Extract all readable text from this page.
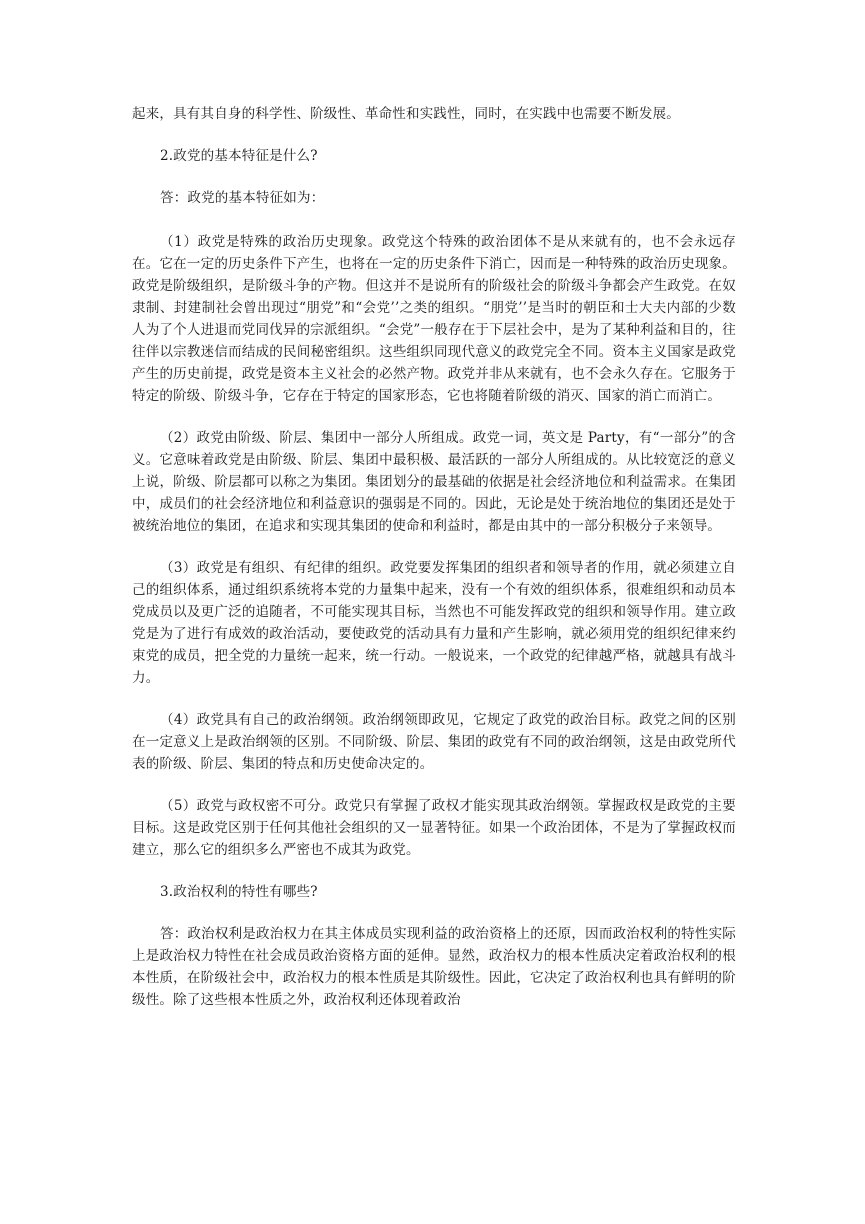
起来，具有其自身的科学性、阶级性、革命性和实践性，同时，在实践中也需要不断发展。

2.政党的基本特征是什么?

答：政党的基本特征如为：

（1）政党是特殊的政治历史现象。政党这个特殊的政治团体不是从来就有的，也不会永远存在。它在一定的历史条件下产生，也将在一定的历史条件下消亡，因而是一种特殊的政治历史现象。政党是阶级组织，是阶级斗争的产物。但这并不是说所有的阶级社会的阶级斗争都会产生政党。在奴隶制、封建制社会曾出现过“朋党”和“会党’’之类的组织。“朋党’’是当时的朝臣和士大夫内部的少数人为了个人进退而党同伐异的宗派组织。“会党”一般存在于下层社会中，是为了某种利益和目的，往往伴以宗教迷信而结成的民间秘密组织。这些组织同现代意义的政党完全不同。资本主义国家是政党产生的历史前提，政党是资本主义社会的必然产物。政党并非从来就有，也不会永久存在。它服务于特定的阶级、阶级斗争，它存在于特定的国家形态，它也将随着阶级的消灭、国家的消亡而消亡。

（2）政党由阶级、阶层、集团中一部分人所组成。政党一词，英文是 Party，有“一部分”的含义。它意味着政党是由阶级、阶层、集团中最积极、最活跃的一部分人所组成的。从比较宽泛的意义上说，阶级、阶层都可以称之为集团。集团划分的最基础的依据是社会经济地位和利益需求。在集团中，成员们的社会经济地位和利益意识的强弱是不同的。因此，无论是处于统治地位的集团还是处于被统治地位的集团，在追求和实现其集团的使命和利益时，都是由其中的一部分积极分子来领导。

（3）政党是有组织、有纪律的组织。政党要发挥集团的组织者和领导者的作用，就必须建立自己的组织体系，通过组织系统将本党的力量集中起来，没有一个有效的组织体系，很难组织和动员本党成员以及更广泛的追随者，不可能实现其目标，当然也不可能发挥政党的组织和领导作用。建立政党是为了进行有成效的政治活动，要使政党的活动具有力量和产生影响，就必须用党的组织纪律来约束党的成员，把全党的力量统一起来，统一行动。一般说来，一个政党的纪律越严格，就越具有战斗力。

（4）政党具有自己的政治纲领。政治纲领即政见，它规定了政党的政治目标。政党之间的区别在一定意义上是政治纲领的区别。不同阶级、阶层、集团的政党有不同的政治纲领，这是由政党所代表的阶级、阶层、集团的特点和历史使命决定的。

（5）政党与政权密不可分。政党只有掌握了政权才能实现其政治纲领。掌握政权是政党的主要目标。这是政党区别于任何其他社会组织的又一显著特征。如果一个政治团体，不是为了掌握政权而建立，那么它的组织多么严密也不成其为政党。

3.政治权利的特性有哪些?

答：政治权利是政治权力在其主体成员实现利益的政治资格上的还原，因而政治权利的特性实际上是政治权力特性在社会成员政治资格方面的延伸。显然，政治权力的根本性质决定着政治权利的根本性质，在阶级社会中，政治权力的根本性质是其阶级性。因此，它决定了政治权利也具有鲜明的阶级性。除了这些根本性质之外，政治权利还体现着政治
